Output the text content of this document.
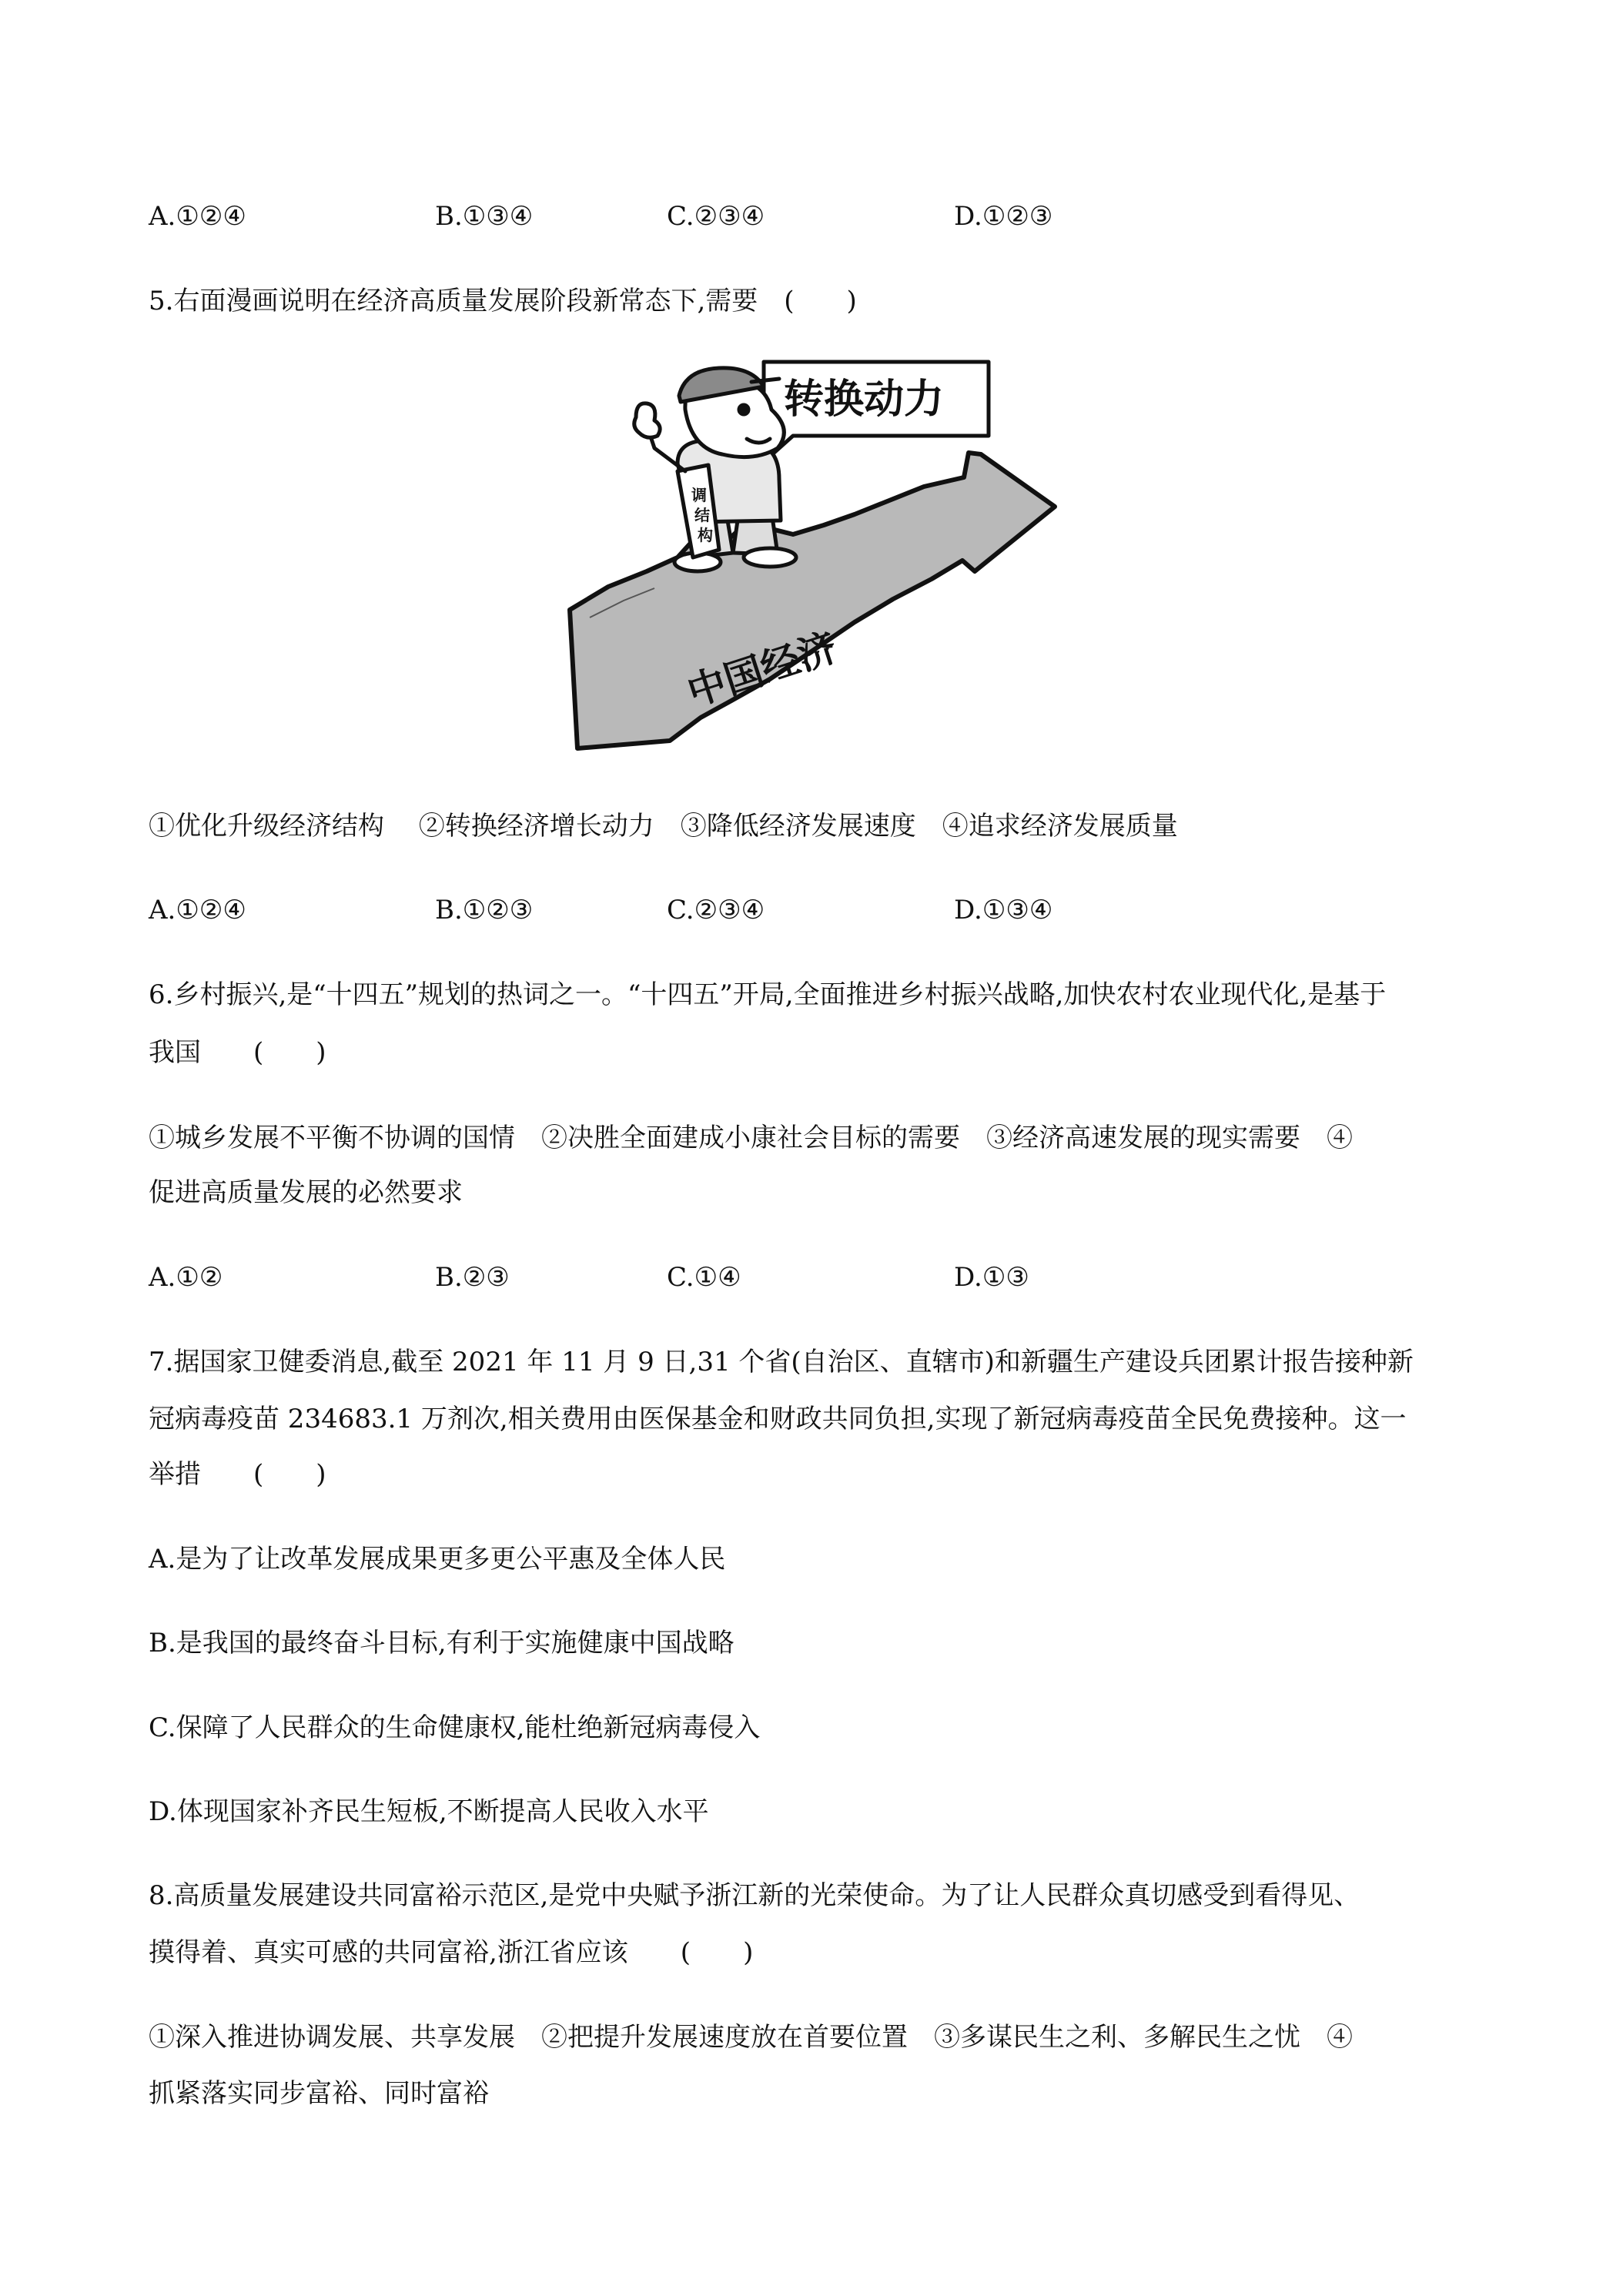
A.①②④	B.①③④	C.②③④	D.①②③
5.右面漫画说明在经济高质量发展阶段新常态下,需要　(　　)
中国经济
转换动力
调
结
构
①优化升级经济结构　 ②转换经济增长动力　③降低经济发展速度　④追求经济发展质量
A.①②④	B.①②③	C.②③④	D.①③④
6.乡村振兴,是“十四五”规划的热词之一。“十四五”开局,全面推进乡村振兴战略,加快农村农业现代化,是基于
我国　　(　　)
①城乡发展不平衡不协调的国情　②决胜全面建成小康社会目标的需要　③经济高速发展的现实需要　④
促进高质量发展的必然要求
A.①②	B.②③	C.①④	D.①③
7.据国家卫健委消息,截至 2021 年 11 月 9 日,31 个省(自治区、直辖市)和新疆生产建设兵团累计报告接种新
冠病毒疫苗 234683.1 万剂次,相关费用由医保基金和财政共同负担,实现了新冠病毒疫苗全民免费接种。这一
举措　　(　　)
A.是为了让改革发展成果更多更公平惠及全体人民
B.是我国的最终奋斗目标,有利于实施健康中国战略
C.保障了人民群众的生命健康权,能杜绝新冠病毒侵入
D.体现国家补齐民生短板,不断提高人民收入水平
8.高质量发展建设共同富裕示范区,是党中央赋予浙江新的光荣使命。为了让人民群众真切感受到看得见、
摸得着、真实可感的共同富裕,浙江省应该　　(　　)
①深入推进协调发展、共享发展　②把提升发展速度放在首要位置　③多谋民生之利、多解民生之忧　④
抓紧落实同步富裕、同时富裕
